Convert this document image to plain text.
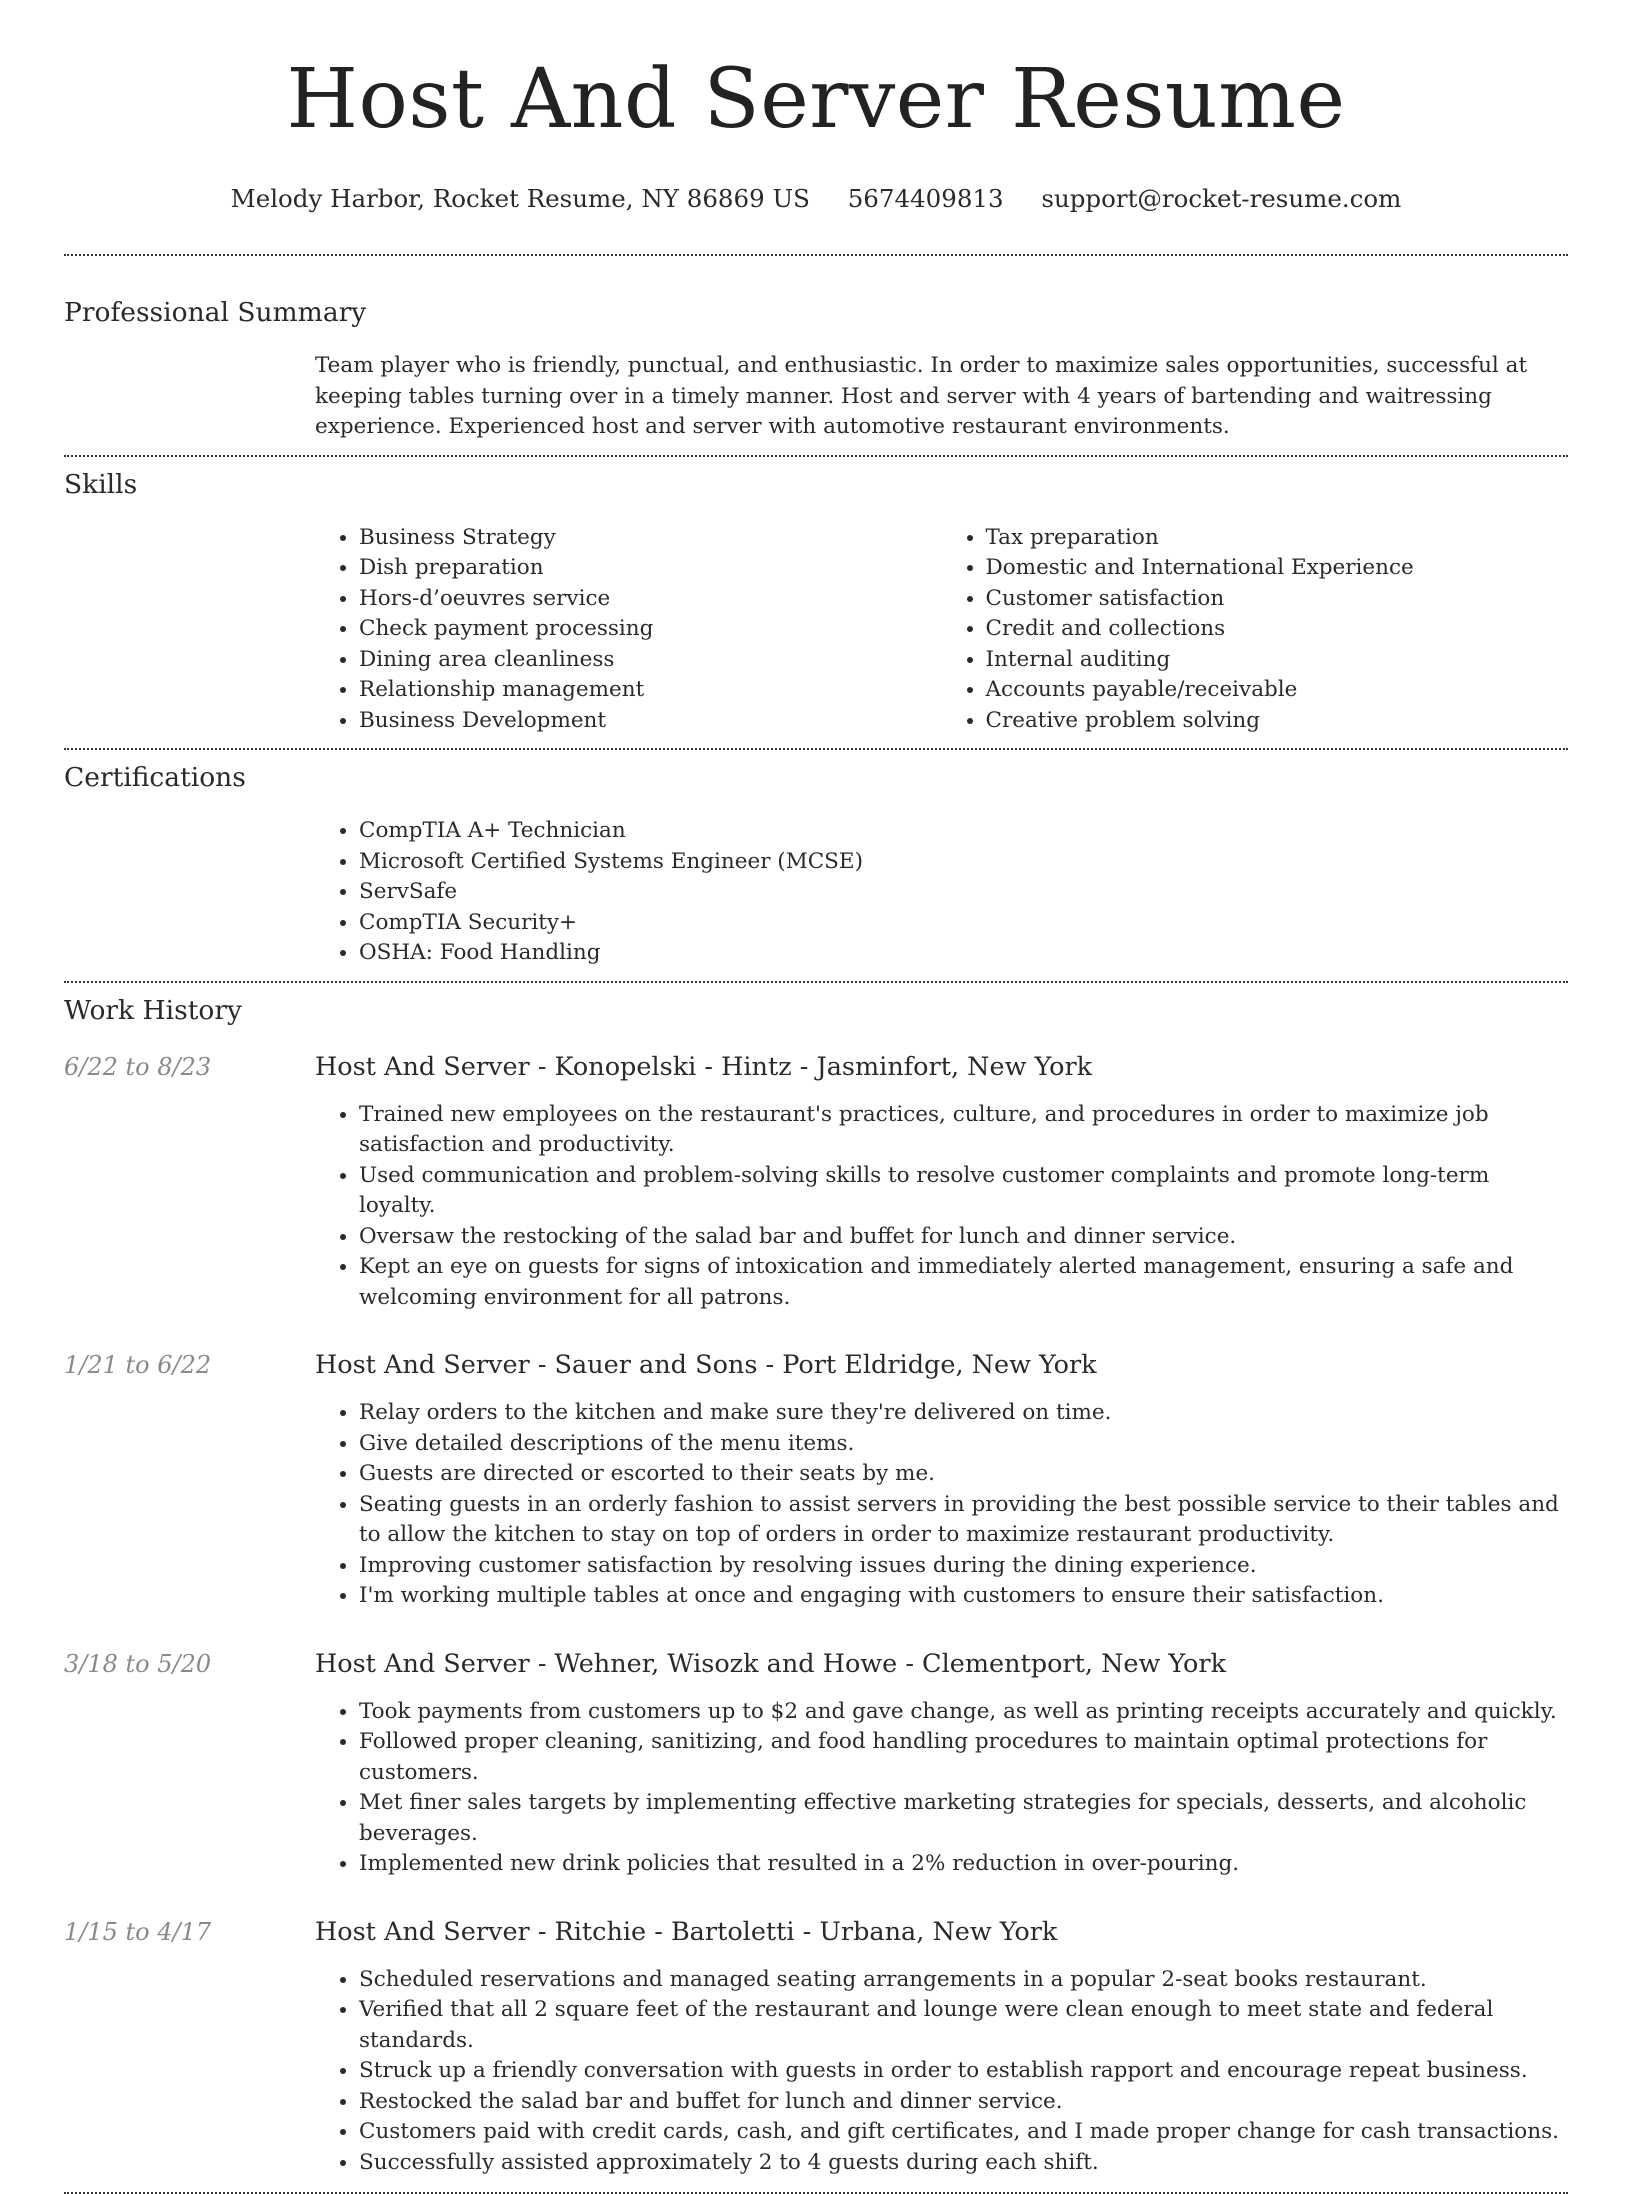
Host And Server Resume
Melody Harbor, Rocket Resume, NY 86869 US 5674409813 support@rocket-resume.com
Professional Summary
Team player who is friendly, punctual, and enthusiastic. In order to maximize sales opportunities, successful at keeping tables turning over in a timely manner. Host and server with 4 years of bartending and waitressing experience. Experienced host and server with automotive restaurant environments.
Skills
• Business Strategy
• Dish preparation
• Hors-d’oeuvres service
• Check payment processing
• Dining area cleanliness
• Relationship management
• Business Development
• Tax preparation
• Domestic and International Experience
• Customer satisfaction
• Credit and collections
• Internal auditing
• Accounts payable/receivable
• Creative problem solving
Certifications
• CompTIA A+ Technician
• Microsoft Certified Systems Engineer (MCSE)
• ServSafe
• CompTIA Security+
• OSHA: Food Handling
Work History
6/22 to 8/23	Host And Server - Konopelski - Hintz - Jasminfort, New York
• Trained new employees on the restaurant's practices, culture, and procedures in order to maximize job satisfaction and productivity.
• Used communication and problem-solving skills to resolve customer complaints and promote long-term loyalty.
• Oversaw the restocking of the salad bar and buffet for lunch and dinner service.
• Kept an eye on guests for signs of intoxication and immediately alerted management, ensuring a safe and welcoming environment for all patrons.
1/21 to 6/22	Host And Server - Sauer and Sons - Port Eldridge, New York
• Relay orders to the kitchen and make sure they're delivered on time.
• Give detailed descriptions of the menu items.
• Guests are directed or escorted to their seats by me.
• Seating guests in an orderly fashion to assist servers in providing the best possible service to their tables and to allow the kitchen to stay on top of orders in order to maximize restaurant productivity.
• Improving customer satisfaction by resolving issues during the dining experience.
• I'm working multiple tables at once and engaging with customers to ensure their satisfaction.
3/18 to 5/20	Host And Server - Wehner, Wisozk and Howe - Clementport, New York
• Took payments from customers up to $2 and gave change, as well as printing receipts accurately and quickly.
• Followed proper cleaning, sanitizing, and food handling procedures to maintain optimal protections for customers.
• Met finer sales targets by implementing effective marketing strategies for specials, desserts, and alcoholic beverages.
• Implemented new drink policies that resulted in a 2% reduction in over-pouring.
1/15 to 4/17	Host And Server - Ritchie - Bartoletti - Urbana, New York
• Scheduled reservations and managed seating arrangements in a popular 2-seat books restaurant.
• Verified that all 2 square feet of the restaurant and lounge were clean enough to meet state and federal standards.
• Struck up a friendly conversation with guests in order to establish rapport and encourage repeat business.
• Restocked the salad bar and buffet for lunch and dinner service.
• Customers paid with credit cards, cash, and gift certificates, and I made proper change for cash transactions.
• Successfully assisted approximately 2 to 4 guests during each shift.
